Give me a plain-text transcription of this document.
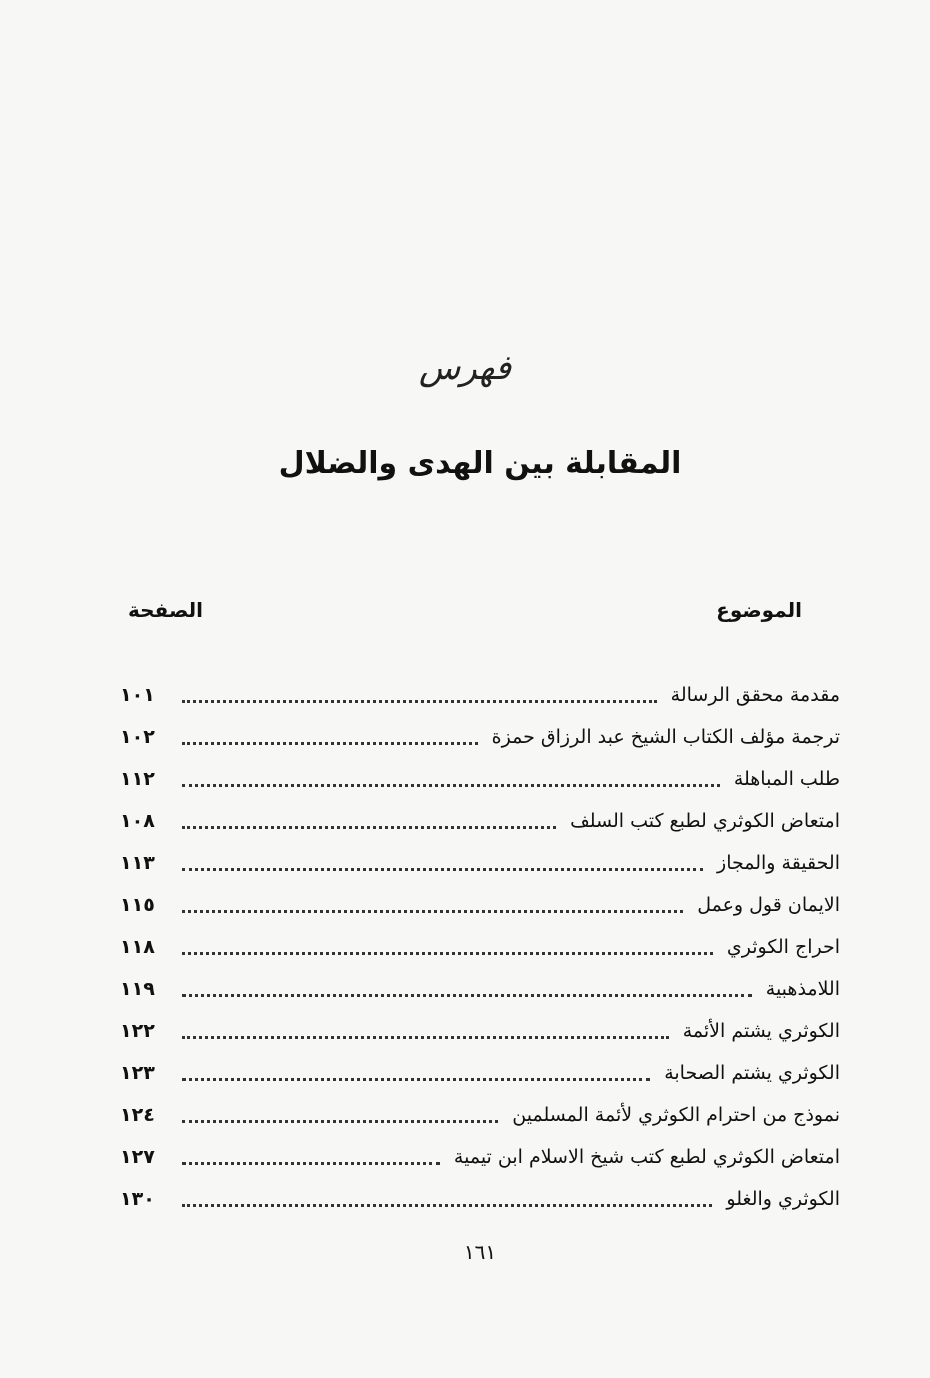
فهرس
المقابلة بين الهدى والضلال
الموضوع
الصفحة
مقدمة محقق الرسالة
١٠١
ترجمة مؤلف الكتاب الشيخ عبد الرزاق حمزة
١٠٢
طلب المباهلة
١١٢
امتعاض الكوثري لطبع كتب السلف
١٠٨
الحقيقة والمجاز
١١٣
الايمان قول وعمل
١١٥
احراج الكوثري
١١٨
اللامذهبية
١١٩
الكوثري يشتم الأئمة
١٢٢
الكوثري يشتم الصحابة
١٢٣
نموذج من احترام الكوثري لأئمة المسلمين
١٢٤
امتعاض الكوثري لطبع كتب شيخ الاسلام ابن تيمية
١٢٧
الكوثري والغلو
١٣٠
١٦١
